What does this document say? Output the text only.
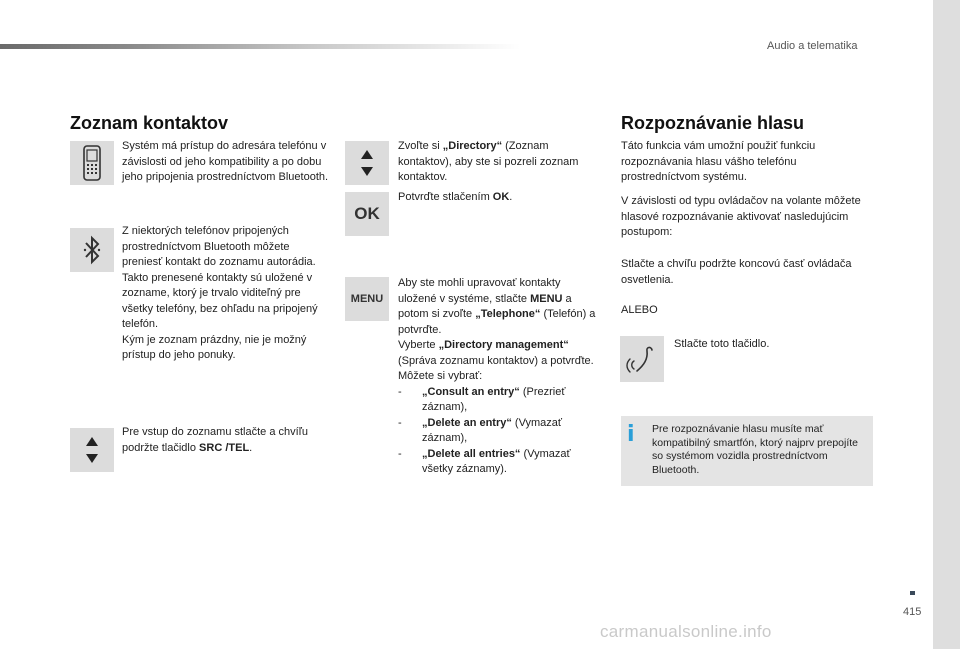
Audio a telematika
Zoznam kontaktov
Systém má prístup do adresára telefónu v závislosti od jeho kompatibility a po dobu jeho pripojenia prostredníctvom Bluetooth.
Z niektorých telefónov pripojených prostredníctvom Bluetooth môžete preniesť kontakt do zoznamu autorádia.
Takto prenesené kontakty sú uložené v zozname, ktorý je trvalo viditeľný pre všetky telefóny, bez ohľadu na pripojený telefón.
Kým je zoznam prázdny, nie je možný prístup do jeho ponuky.
Pre vstup do zoznamu stlačte a chvíľu podržte tlačidlo SRC /TEL.
Zvoľte si „Directory“ (Zoznam kontaktov), aby ste si pozreli zoznam kontaktov.
OK
Potvrďte stlačením OK.
MENU
Aby ste mohli upravovať kontakty uložené v systéme, stlačte MENU a potom si zvoľte „Telephone“ (Telefón) a potvrďte.
Vyberte „Directory management“ (Správa zoznamu kontaktov) a potvrďte.
Môžete si vybrať:
- „Consult an entry“ (Prezrieť záznam),
- „Delete an entry“ (Vymazať záznam),
- „Delete all entries“ (Vymazať všetky záznamy).
Rozpoznávanie hlasu
Táto funkcia vám umožní použiť funkciu rozpoznávania hlasu vášho telefónu prostredníctvom systému.
V závislosti od typu ovládačov na volante môžete hlasové rozpoznávanie aktivovať nasledujúcim postupom:
Stlačte a chvíľu podržte koncovú časť ovládača osvetlenia.
ALEBO
Stlačte toto tlačidlo.
i Pre rozpoznávanie hlasu musíte mať kompatibilný smartfón, ktorý najprv prepojíte so systémom vozidla prostredníctvom Bluetooth.
415
carmanualsonline.info
